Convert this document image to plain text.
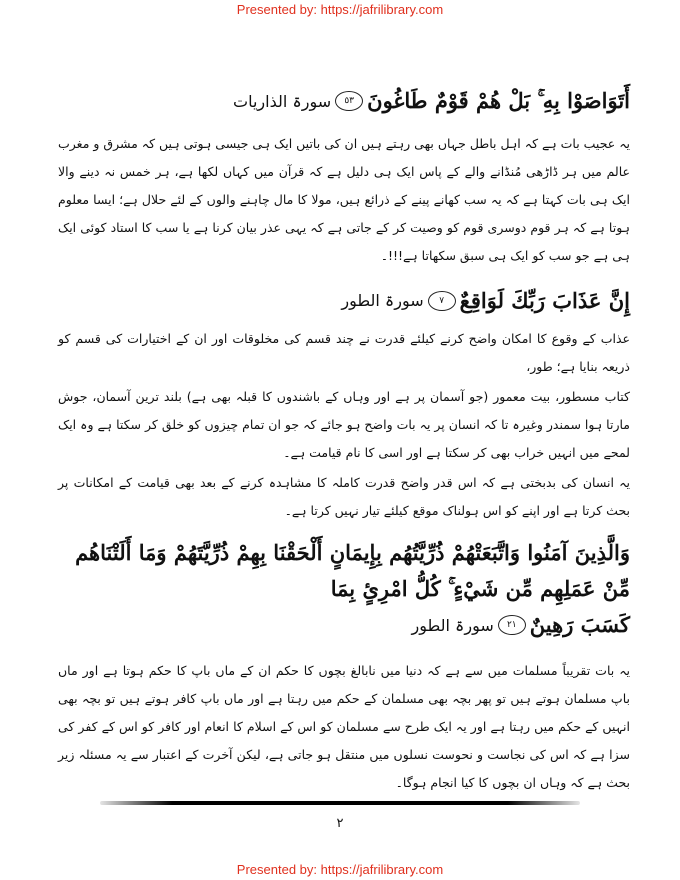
Presented by: https://jafrilibrary.com
أَتَوَاصَوْا بِهِ ۚ بَلْ هُمْ قَوْمٌ طَاغُونَ
٥٣
سورۃ الذاریات

یہ عجیب بات ہے کہ اہل باطل جہاں بھی رہتے ہیں ان کی باتیں ایک ہی جیسی ہوتی ہیں کہ مشرق و مغرب عالم میں ہر ڈاڑھی مُنڈانے والے کے پاس ایک ہی دلیل ہے کہ قرآن میں کہاں لکھا ہے، ہر خمس نہ دینے والا ایک ہی بات کہتا ہے کہ یہ سب کھانے پینے کے ذرائع ہیں، مولا کا مال چاہنے والوں کے لئے حلال ہے؛ ایسا معلوم ہوتا ہے کہ ہر قوم دوسری قوم کو وصیت کر کے جاتی ہے کہ یہی عذر بیان کرنا ہے یا سب کا استاد کوئی ایک ہی ہے جو سب کو ایک ہی سبق سکھاتا ہے!!!۔

إِنَّ عَذَابَ رَبِّكَ لَوَاقِعٌ
٧
سورۃ الطور

عذاب کے وقوع کا امکان واضح کرنے کیلئے قدرت نے چند قسم کی مخلوقات اور ان کے اختیارات کی قسم کو ذریعہ بنایا ہے؛ طور،

کتاب مسطور، بیت معمور (جو آسمان پر ہے اور وہاں کے باشندوں کا قبلہ بھی ہے) بلند ترین آسمان، جوش مارتا ہوا سمندر وغیرہ تا کہ انسان پر یہ بات واضح ہو جائے کہ جو ان تمام چیزوں کو خلق کر سکتا ہے وہ ایک لمحے میں انہیں خراب بھی کر سکتا ہے اور اسی کا نام قیامت ہے۔

یہ انسان کی بدبختی ہے کہ اس قدر واضح قدرت کاملہ کا مشاہدہ کرنے کے بعد بھی قیامت کے امکانات پر بحث کرتا ہے اور اپنے کو اس ہولناک موقع کیلئے تیار نہیں کرتا ہے۔

وَالَّذِينَ آمَنُوا وَاتَّبَعَتْهُمْ ذُرِّيَّتُهُم بِإِيمَانٍ أَلْحَقْنَا بِهِمْ ذُرِّيَّتَهُمْ وَمَا أَلَتْنَاهُم مِّنْ عَمَلِهِم مِّن شَيْءٍ ۚ كُلُّ امْرِئٍ بِمَا
كَسَبَ رَهِينٌ
٢١
سورۃ الطور

یہ بات تقریباً مسلمات میں سے ہے کہ دنیا میں نابالغ بچوں کا حکم ان کے ماں باپ کا حکم ہوتا ہے اور ماں باپ مسلمان ہوتے ہیں تو پھر بچہ بھی مسلمان کے حکم میں رہتا ہے اور ماں باپ کافر ہوتے ہیں تو بچہ بھی انہیں کے حکم میں رہتا ہے اور یہ ایک طرح سے مسلمان کو اس کے اسلام کا انعام اور کافر کو اس کے کفر کی سزا ہے کہ اس کی نجاست و نحوست نسلوں میں منتقل ہو جاتی ہے، لیکن آخرت کے اعتبار سے یہ مسئلہ زیر بحث ہے کہ وہاں ان بچوں کا کیا انجام ہوگا۔

۲
Presented by: https://jafrilibrary.com
